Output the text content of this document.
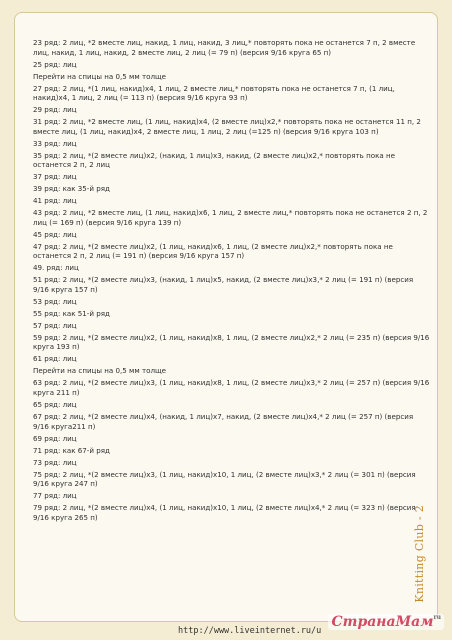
23 ряд: 2 лиц, *2 вместе лиц, накид, 1 лиц, накид, 3 лиц,* повторять пока не останется 7 п, 2 вместе
лиц, накид, 1 лиц, накид, 2 вместе лиц, 2 лиц (= 79 п) (версия 9/16 круга 65 п)
25 ряд: лиц
Перейти на спицы на 0,5 мм толще
27 ряд: 2 лиц, *(1 лиц, накид)х4, 1 лиц, 2 вместе лиц,* повторять пока не останется 7 п, (1 лиц,
накид)х4, 1 лиц, 2 лиц (= 113 п) (версия 9/16 круга 93 п)
29 ряд: лиц
31 ряд: 2 лиц, *2 вместе лиц, (1 лиц, накид)х4, (2 вместе лиц)х2,* повторять пока не останется 11 п, 2
вместе лиц, (1 лиц, накид)х4, 2 вместе лиц, 1 лиц, 2 лиц (=125 п) (версия 9/16 круга 103 п)
33 ряд: лиц
35 ряд: 2 лиц, *(2 вместе лиц)х2, (накид, 1 лиц)х3, накид, (2 вместе лиц)х2,* повторять пока не
останется 2 п, 2 лиц
37 ряд: лиц
39 ряд: как 35-й ряд
41 ряд: лиц
43 ряд: 2 лиц, *2 вместе лиц, (1 лиц, накид)х6, 1 лиц, 2 вместе лиц,* повторять пока не останется 2 п, 2
лиц (= 169 п) (версия 9/16 круга 139 п)
45 ряд: лиц
47 ряд: 2 лиц, *(2 вместе лиц)х2, (1 лиц, накид)х6, 1 лиц, (2 вместе лиц)х2,* повторять пока не
останется 2 п, 2 лиц (= 191 п) (версия 9/16 круга 157 п)
49. ряд: лиц
51 ряд: 2 лиц, *(2 вместе лиц)х3, (накид, 1 лиц)х5, накид, (2 вместе лиц)х3,* 2 лиц (= 191 п) (версия
9/16 круга 157 п)
53 ряд: лиц
55 ряд: как 51-й ряд
57 ряд: лиц
59 ряд: 2 лиц, *(2 вместе лиц)х2, (1 лиц, накид)х8, 1 лиц, (2 вместе лиц)х2,* 2 лиц (= 235 п) (версия 9/16
круга 193 п)
61 ряд: лиц
Перейти на спицы на 0,5 мм толще
63 ряд: 2 лиц, *(2 вместе лиц)х3, (1 лиц, накид)х8, 1 лиц, (2 вместе лиц)х3,* 2 лиц (= 257 п) (версия 9/16
круга 211 п)
65 ряд: лиц
67 ряд: 2 лиц, *(2 вместе лиц)х4, (накид, 1 лиц)х7, накид, (2 вместе лиц)х4,* 2 лиц (= 257 п) (версия
9/16 круга211 п)
69 ряд: лиц
71 ряд: как 67-й ряд
73 ряд: лиц
75 ряд: 2 лиц, *(2 вместе лиц)х3, (1 лиц, накид)х10, 1 лиц, (2 вместе лиц)х3,* 2 лиц (= 301 п) (версия
9/16 круга 247 п)
77 ряд: лиц
79 ряд: 2 лиц, *(2 вместе лиц)х4, (1 лиц, накид)х10, 1 лиц, (2 вместе лиц)х4,* 2 лиц (= 323 п) (версия
9/16 круга 265 п)	Knitting Club - 2
http://www.liveinternet.ru/u
СтранаМам$^{ru}$
